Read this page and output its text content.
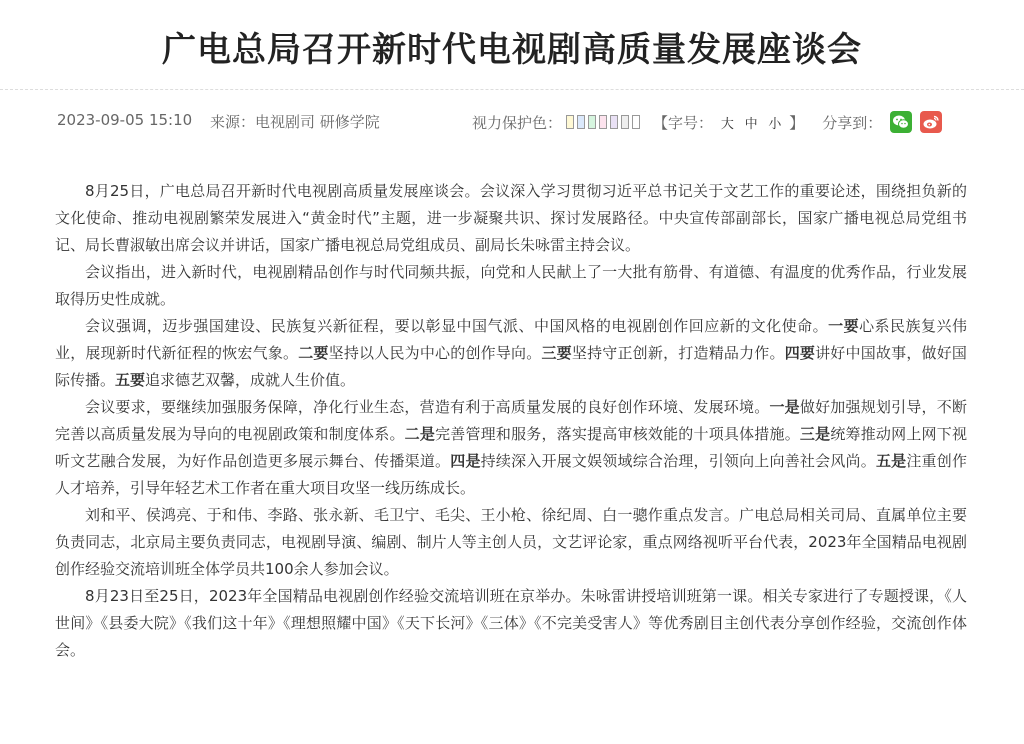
广电总局召开新时代电视剧高质量发展座谈会
2023-09-05 15:10 来源：电视剧司 研修学院	视力保护色：	【字号： 大 中 小 】 分享到：

8月25日，广电总局召开新时代电视剧高质量发展座谈会。会议深入学习贯彻习近平总书记关于文艺工作的重要论述，围绕担负新的文化使命、推动电视剧繁荣发展进入“黄金时代”主题，进一步凝聚共识、探讨发展路径。中央宣传部副部长，国家广播电视总局党组书记、局长曹淑敏出席会议并讲话，国家广播电视总局党组成员、副局长朱咏雷主持会议。

会议指出，进入新时代，电视剧精品创作与时代同频共振，向党和人民献上了一大批有筋骨、有道德、有温度的优秀作品，行业发展取得历史性成就。

会议强调，迈步强国建设、民族复兴新征程，要以彰显中国气派、中国风格的电视剧创作回应新的文化使命。一要心系民族复兴伟业，展现新时代新征程的恢宏气象。二要坚持以人民为中心的创作导向。三要坚持守正创新，打造精品力作。四要讲好中国故事，做好国际传播。五要追求德艺双馨，成就人生价值。

会议要求，要继续加强服务保障，净化行业生态，营造有利于高质量发展的良好创作环境、发展环境。一是做好加强规划引导，不断完善以高质量发展为导向的电视剧政策和制度体系。二是完善管理和服务，落实提高审核效能的十项具体措施。三是统筹推动网上网下视听文艺融合发展，为好作品创造更多展示舞台、传播渠道。四是持续深入开展文娱领域综合治理，引领向上向善社会风尚。五是注重创作人才培养，引导年轻艺术工作者在重大项目攻坚一线历练成长。

刘和平、侯鸿亮、于和伟、李路、张永新、毛卫宁、毛尖、王小枪、徐纪周、白一骢作重点发言。广电总局相关司局、直属单位主要负责同志，北京局主要负责同志，电视剧导演、编剧、制片人等主创人员，文艺评论家，重点网络视听平台代表，2023年全国精品电视剧创作经验交流培训班全体学员共100余人参加会议。

8月23日至25日，2023年全国精品电视剧创作经验交流培训班在京举办。朱咏雷讲授培训班第一课。相关专家进行了专题授课，《人世间》《县委大院》《我们这十年》《理想照耀中国》《天下长河》《三体》《不完美受害人》等优秀剧目主创代表分享创作经验，交流创作体会。
